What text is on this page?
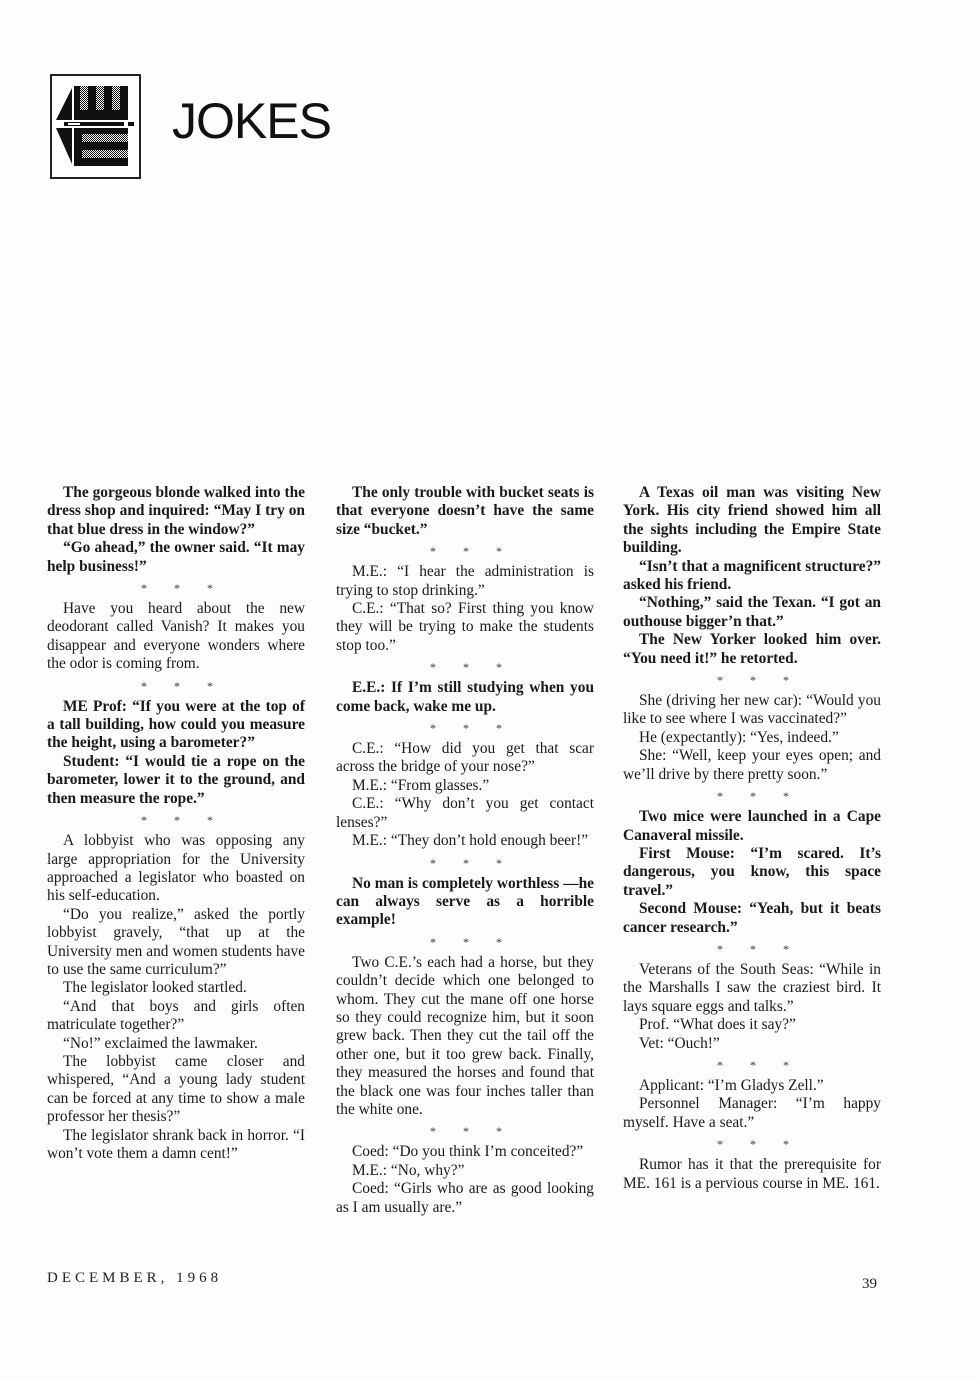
JOKES

The gorgeous blonde walked into the dress shop and inquired: “May I try on that blue dress in the window?”

“Go ahead,” the owner said. “It may help business!”

* * *

Have you heard about the new deodorant called Vanish? It makes you disappear and everyone wonders where the odor is coming from.

* * *

ME Prof: “If you were at the top of a tall building, how could you measure the height, using a barometer?”

Student: “I would tie a rope on the barometer, lower it to the ground, and then measure the rope.”

* * *

A lobbyist who was opposing any large appropriation for the University approached a legislator who boasted on his self-education.

“Do you realize,” asked the portly lobbyist gravely, “that up at the University men and women students have to use the same curriculum?”

The legislator looked startled.

“And that boys and girls often matriculate together?”

“No!” exclaimed the lawmaker.

The lobbyist came closer and whispered, “And a young lady student can be forced at any time to show a male professor her thesis?”

The legislator shrank back in horror. “I won’t vote them a damn cent!”

The only trouble with bucket seats is that everyone doesn’t have the same size “bucket.”

* * *

M.E.: “I hear the administration is trying to stop drinking.”

C.E.: “That so? First thing you know they will be trying to make the students stop too.”

* * *

E.E.: If I’m still studying when you come back, wake me up.

* * *

C.E.: “How did you get that scar across the bridge of your nose?”

M.E.: “From glasses.”

C.E.: “Why don’t you get contact lenses?”

M.E.: “They don’t hold enough beer!”

* * *

No man is completely worthless —he can always serve as a horrible example!

* * *

Two C.E.’s each had a horse, but they couldn’t decide which one belonged to whom. They cut the mane off one horse so they could recognize him, but it soon grew back. Then they cut the tail off the other one, but it too grew back. Finally, they measured the horses and found that the black one was four inches taller than the white one.

* * *

Coed: “Do you think I’m conceited?”

M.E.: “No, why?”

Coed: “Girls who are as good looking as I am usually are.”

A Texas oil man was visiting New York. His city friend showed him all the sights including the Empire State building.

“Isn’t that a magnificent structure?” asked his friend.

“Nothing,” said the Texan. “I got an outhouse bigger’n that.”

The New Yorker looked him over. “You need it!” he retorted.

* * *

She (driving her new car): “Would you like to see where I was vaccinated?”

He (expectantly): “Yes, indeed.”

She: “Well, keep your eyes open; and we’ll drive by there pretty soon.”

* * *

Two mice were launched in a Cape Canaveral missile.

First Mouse: “I’m scared. It’s dangerous, you know, this space travel.”

Second Mouse: “Yeah, but it beats cancer research.”

* * *

Veterans of the South Seas: “While in the Marshalls I saw the craziest bird. It lays square eggs and talks.”

Prof. “What does it say?”

Vet: “Ouch!”

* * *

Applicant: “I’m Gladys Zell.”

Personnel Manager: “I’m happy myself. Have a seat.”

* * *

Rumor has it that the prerequisite for ME. 161 is a pervious course in ME. 161.

DECEMBER, 1968	39
